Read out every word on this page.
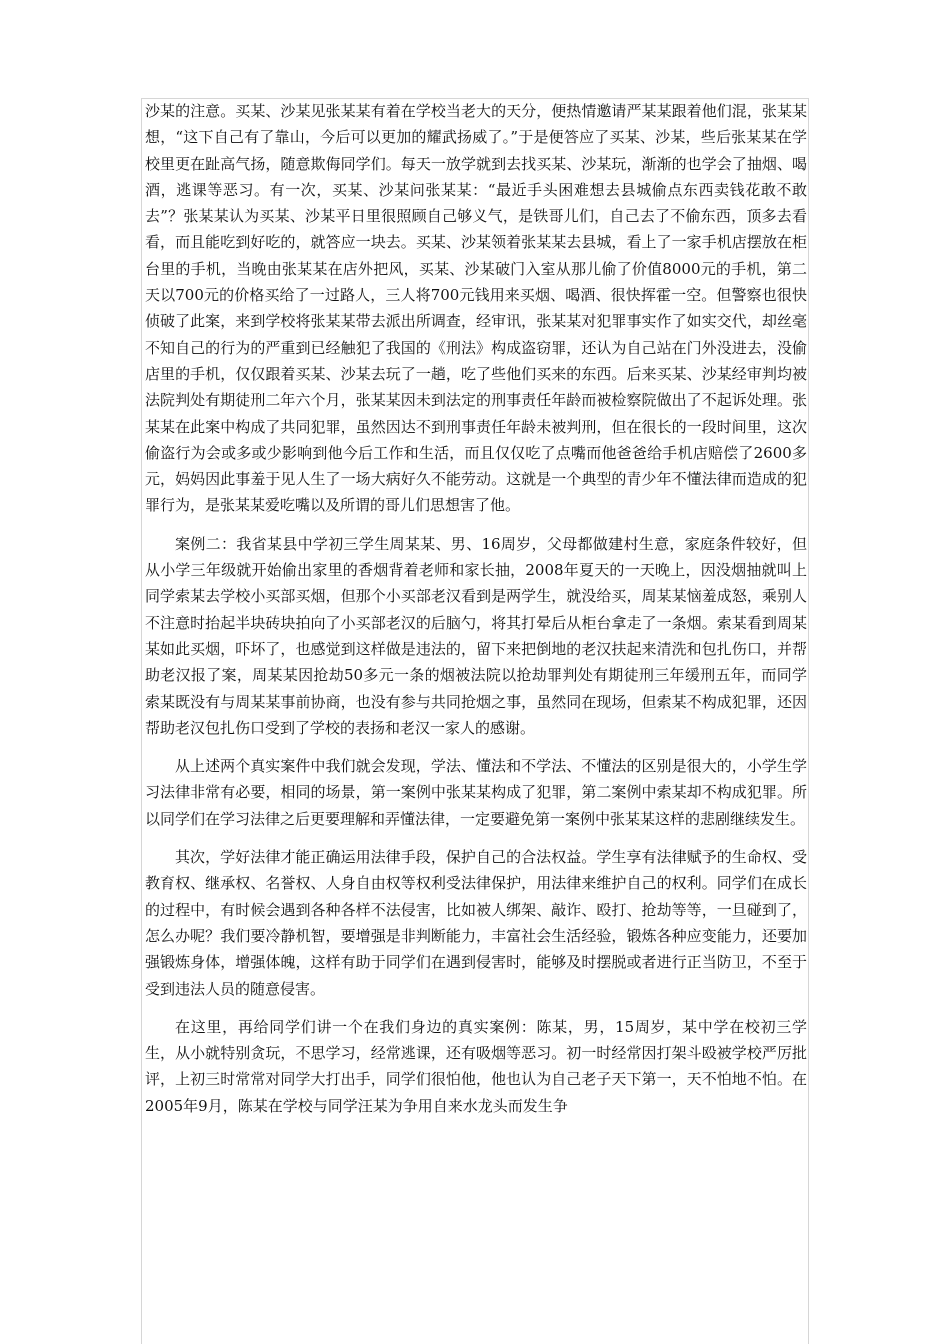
沙某的注意。买某、沙某见张某某有着在学校当老大的天分，便热情邀请严某某跟着他们混，张某某想，“这下自己有了靠山，今后可以更加的耀武扬威了。”于是便答应了买某、沙某，些后张某某在学校里更在趾高气扬，随意欺侮同学们。每天一放学就到去找买某、沙某玩，渐渐的也学会了抽烟、喝酒，逃课等恶习。有一次，买某、沙某问张某某：“最近手头困难想去县城偷点东西卖钱花敢不敢去”？张某某认为买某、沙某平日里很照顾自己够义气，是铁哥儿们，自己去了不偷东西，顶多去看看，而且能吃到好吃的，就答应一块去。买某、沙某领着张某某去县城，看上了一家手机店摆放在柜台里的手机，当晚由张某某在店外把风，买某、沙某破门入室从那儿偷了价值8000元的手机，第二天以700元的价格买给了一过路人，三人将700元钱用来买烟、喝酒、很快挥霍一空。但警察也很快侦破了此案，来到学校将张某某带去派出所调查，经审讯，张某某对犯罪事实作了如实交代，却丝毫不知自己的行为的严重到已经触犯了我国的《刑法》构成盗窃罪，还认为自己站在门外没进去，没偷店里的手机，仅仅跟着买某、沙某去玩了一趟，吃了些他们买来的东西。后来买某、沙某经审判均被法院判处有期徒刑二年六个月，张某某因未到法定的刑事责任年龄而被检察院做出了不起诉处理。张某某在此案中构成了共同犯罪，虽然因达不到刑事责任年龄未被判刑，但在很长的一段时间里，这次偷盗行为会或多或少影响到他今后工作和生活，而且仅仅吃了点嘴而他爸爸给手机店赔偿了2600多元，妈妈因此事羞于见人生了一场大病好久不能劳动。这就是一个典型的青少年不懂法律而造成的犯罪行为，是张某某爱吃嘴以及所谓的哥儿们思想害了他。

案例二：我省某县中学初三学生周某某、男、16周岁，父母都做建村生意，家庭条件较好，但从小学三年级就开始偷出家里的香烟背着老师和家长抽，2008年夏天的一天晚上，因没烟抽就叫上同学索某去学校小买部买烟，但那个小买部老汉看到是两学生，就没给买，周某某恼羞成怒，乘别人不注意时抬起半块砖块拍向了小买部老汉的后脑勺，将其打晕后从柜台拿走了一条烟。索某看到周某某如此买烟，吓坏了，也感觉到这样做是违法的，留下来把倒地的老汉扶起来清洗和包扎伤口，并帮助老汉报了案，周某某因抢劫50多元一条的烟被法院以抢劫罪判处有期徒刑三年缓刑五年，而同学索某既没有与周某某事前协商，也没有参与共同抢烟之事，虽然同在现场，但索某不构成犯罪，还因帮助老汉包扎伤口受到了学校的表扬和老汉一家人的感谢。

从上述两个真实案件中我们就会发现，学法、懂法和不学法、不懂法的区别是很大的，小学生学习法律非常有必要，相同的场景，第一案例中张某某构成了犯罪，第二案例中索某却不构成犯罪。所以同学们在学习法律之后更要理解和弄懂法律，一定要避免第一案例中张某某这样的悲剧继续发生。

其次，学好法律才能正确运用法律手段，保护自己的合法权益。学生享有法律赋予的生命权、受教育权、继承权、名誉权、人身自由权等权利受法律保护，用法律来维护自己的权利。同学们在成长的过程中，有时候会遇到各种各样不法侵害，比如被人绑架、敲诈、殴打、抢劫等等，一旦碰到了，怎么办呢？我们要冷静机智，要增强是非判断能力，丰富社会生活经验，锻炼各种应变能力，还要加强锻炼身体，增强体魄，这样有助于同学们在遇到侵害时，能够及时摆脱或者进行正当防卫，不至于受到违法人员的随意侵害。

在这里，再给同学们讲一个在我们身边的真实案例：陈某，男，15周岁，某中学在校初三学生，从小就特别贪玩，不思学习，经常逃课，还有吸烟等恶习。初一时经常因打架斗殴被学校严厉批评，上初三时常常对同学大打出手，同学们很怕他，他也认为自己老子天下第一，天不怕地不怕。在2005年9月，陈某在学校与同学汪某为争用自来水龙头而发生争
